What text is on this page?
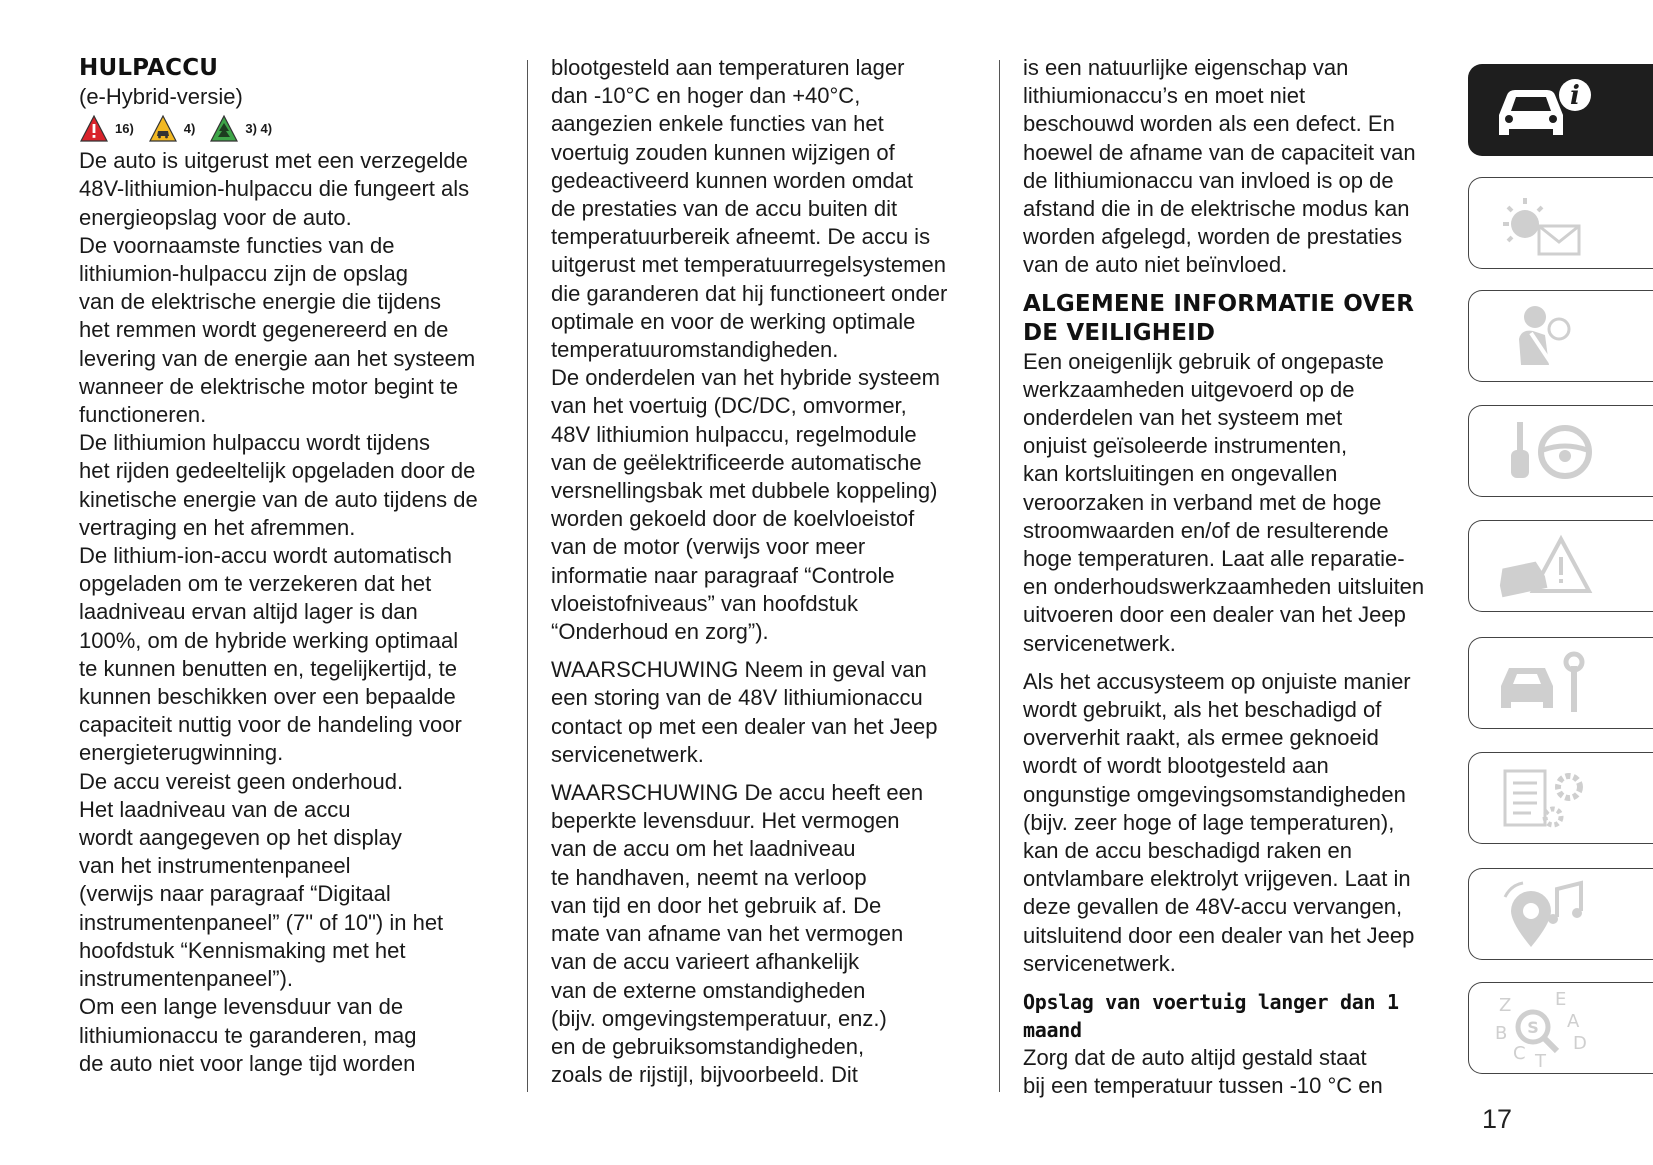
HULPACCU

(e-Hybrid-versie)

16)	4)	3) 4)

De auto is uitgerust met een verzegelde

48V-lithiumion-hulpaccu die fungeert als

energieopslag voor de auto.

De voornaamste functies van de

lithiumion-hulpaccu zijn de opslag

van de elektrische energie die tijdens

het remmen wordt gegenereerd en de

levering van de energie aan het systeem

wanneer de elektrische motor begint te

functioneren.

De lithiumion hulpaccu wordt tijdens

het rijden gedeeltelijk opgeladen door de

kinetische energie van de auto tijdens de

vertraging en het afremmen.

De lithium-ion-accu wordt automatisch

opgeladen om te verzekeren dat het

laadniveau ervan altijd lager is dan

100%, om de hybride werking optimaal

te kunnen benutten en, tegelijkertijd, te

kunnen beschikken over een bepaalde

capaciteit nuttig voor de handeling voor

energieterugwinning.

De accu vereist geen onderhoud.

Het laadniveau van de accu

wordt aangegeven op het display

van het instrumentenpaneel

(verwijs naar paragraaf “Digitaal

instrumentenpaneel” (7" of 10") in het

hoofdstuk “Kennismaking met het

instrumentenpaneel”).

Om een lange levensduur van de

lithiumionaccu te garanderen, mag

de auto niet voor lange tijd worden

blootgesteld aan temperaturen lager

dan -10°C en hoger dan +40°C,

aangezien enkele functies van het

voertuig zouden kunnen wijzigen of

gedeactiveerd kunnen worden omdat

de prestaties van de accu buiten dit

temperatuurbereik afneemt. De accu is

uitgerust met temperatuurregelsystemen

die garanderen dat hij functioneert onder

optimale en voor de werking optimale

temperatuuromstandigheden.

De onderdelen van het hybride systeem

van het voertuig (DC/DC, omvormer,

48V lithiumion hulpaccu, regelmodule

van de geëlektrificeerde automatische

versnellingsbak met dubbele koppeling)

worden gekoeld door de koelvloeistof

van de motor (verwijs voor meer

informatie naar paragraaf “Controle

vloeistofniveaus” van hoofdstuk

“Onderhoud en zorg”).

WAARSCHUWING Neem in geval van

een storing van de 48V lithiumionaccu

contact op met een dealer van het Jeep

servicenetwerk.

WAARSCHUWING De accu heeft een

beperkte levensduur. Het vermogen

van de accu om het laadniveau

te handhaven, neemt na verloop

van tijd en door het gebruik af. De

mate van afname van het vermogen

van de accu varieert afhankelijk

van de externe omstandigheden

(bijv. omgevingstemperatuur, enz.)

en de gebruiksomstandigheden,

zoals de rijstijl, bijvoorbeeld. Dit

is een natuurlijke eigenschap van

lithiumionaccu’s en moet niet

beschouwd worden als een defect. En

hoewel de afname van de capaciteit van

de lithiumionaccu van invloed is op de

afstand die in de elektrische modus kan

worden afgelegd, worden de prestaties

van de auto niet beïnvloed.

ALGEMENE INFORMATIE OVER
DE VEILIGHEID

Een oneigenlijk gebruik of ongepaste

werkzaamheden uitgevoerd op de

onderdelen van het systeem met

onjuist geïsoleerde instrumenten,

kan kortsluitingen en ongevallen

veroorzaken in verband met de hoge

stroomwaarden en/of de resulterende

hoge temperaturen. Laat alle reparatie-

en onderhoudswerkzaamheden uitsluiten

uitvoeren door een dealer van het Jeep

servicenetwerk.

Als het accusysteem op onjuiste manier

wordt gebruikt, als het beschadigd of

oververhit raakt, als ermee geknoeid

wordt of wordt blootgesteld aan

ongunstige omgevingsomstandigheden

(bijv. zeer hoge of lage temperaturen),

kan de accu beschadigd raken en

ontvlambare elektrolyt vrijgeven. Laat in

deze gevallen de 48V-accu vervangen,

uitsluitend door een dealer van het Jeep

servicenetwerk.

Opslag van voertuig langer dan 1 maand

Zorg dat de auto altijd gestald staat

bij een temperatuur tussen -10 °C en

i
Z E
A
B	D
C T
S
17
